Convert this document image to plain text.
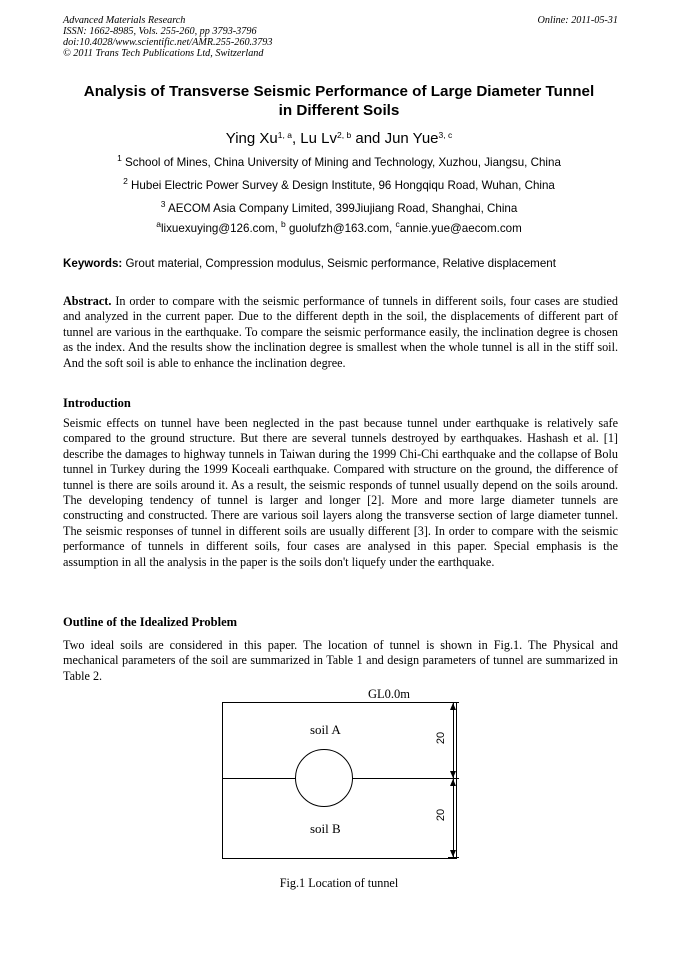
Advanced Materials Research
ISSN: 1662-8985, Vols. 255-260, pp 3793-3796
doi:10.4028/www.scientific.net/AMR.255-260.3793
© 2011 Trans Tech Publications Ltd, Switzerland
Online: 2011-05-31
Analysis of Transverse Seismic Performance of Large Diameter Tunnel
in Different Soils
Ying Xu$^{1, a}$, Lu Lv$^{2, b}$ and Jun Yue$^{3, c}$
$^1$ School of Mines, China University of Mining and Technology, Xuzhou, Jiangsu, China
$^2$ Hubei Electric Power Survey & Design Institute, 96 Hongqiqu Road, Wuhan, China
$^3$ AECOM Asia Company Limited, 399Jiujiang Road, Shanghai, China
$^a$lixuexuying@126.com, $^b$ guolufzh@163.com, $^c$annie.yue@aecom.com
Keywords: Grout material, Compression modulus, Seismic performance, Relative displacement
Abstract. In order to compare with the seismic performance of tunnels in different soils, four cases are studied and analyzed in the current paper. Due to the different depth in the soil, the displacements of different part of tunnel are various in the earthquake. To compare the seismic performance easily, the inclination degree is chosen as the index. And the results show the inclination degree is smallest when the whole tunnel is all in the stiff soil. And the soft soil is able to enhance the inclination degree.
Introduction
Seismic effects on tunnel have been neglected in the past because tunnel under earthquake is relatively safe compared to the ground structure. But there are several tunnels destroyed by earthquakes. Hashash et al. [1] describe the damages to highway tunnels in Taiwan during the 1999 Chi-Chi earthquake and the collapse of Bolu tunnel in Turkey during the 1999 Koceali earthquake. Compared with structure on the ground, the difference of tunnel is there are soils around it. As a result, the seismic responds of tunnel usually depend on the soils around. The developing tendency of tunnel is larger and longer [2]. More and more large diameter tunnels are constructing and constructed. There are various soil layers along the transverse section of large diameter tunnel. The seismic responses of tunnel in different soils are usually different [3]. In order to compare with the seismic performance of tunnels in different soils, four cases are analysed in this paper. Special emphasis is the assumption in all the analysis in the paper is the soils don't liquefy under the earthquake.
Outline of the Idealized Problem
Two ideal soils are considered in this paper. The location of tunnel is shown in Fig.1. The Physical and mechanical parameters of the soil are summarized in Table 1 and design parameters of tunnel are summarized in Table 2.
GL0.0m
soil A
soil B
20
20
Fig.1 Location of tunnel
